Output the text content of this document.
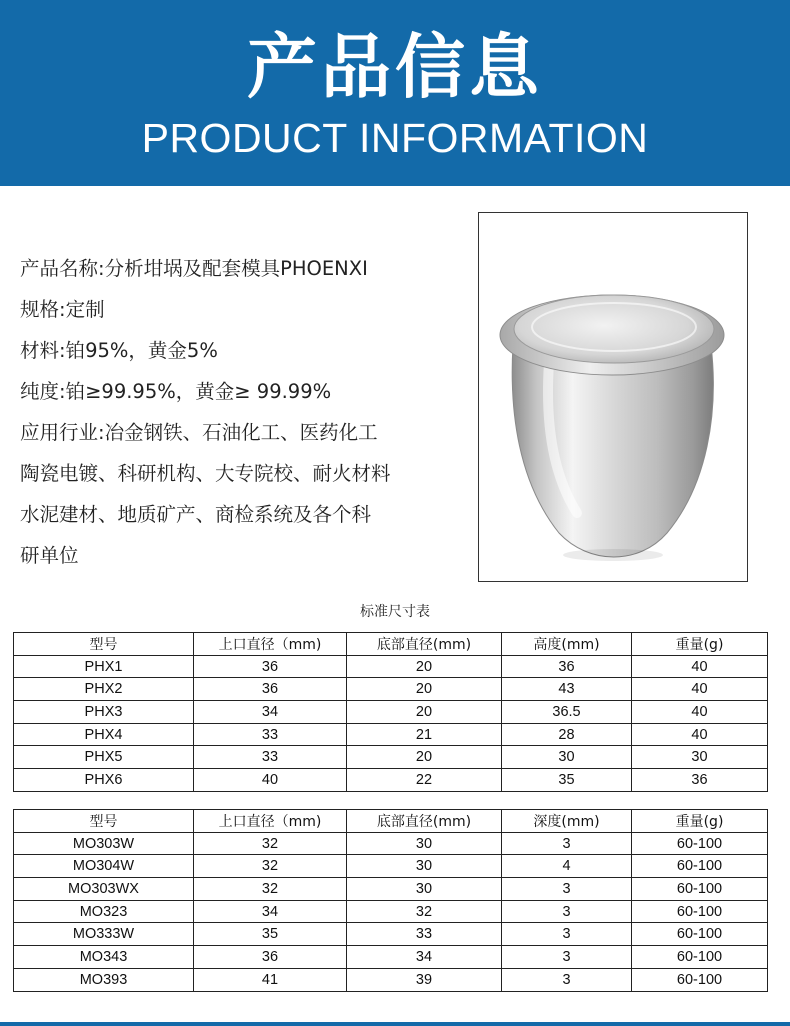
产品信息
PRODUCT INFORMATION
产品名称:分析坩埚及配套模具PHOENXI
规格:定制
材料:铂95%，黄金5%
纯度:铂≥99.95%，黄金≥ 99.99%
应用行业:冶金钢铁、石油化工、医药化工
陶瓷电镀、科研机构、大专院校、耐火材料
水泥建材、地质矿产、商检系统及各个科
研单位
标准尺寸表
型号	上口直径（mm)	底部直径(mm)	高度(mm)	重量(g)
PHX1	36	20	36	40
PHX2	36	20	43	40
PHX3	34	20	36.5	40
PHX4	33	21	28	40
PHX5	33	20	30	30
PHX6	40	22	35	36
型号	上口直径（mm)	底部直径(mm)	深度(mm)	重量(g)
MO303W	32	30	3	60-100
MO304W	32	30	4	60-100
MO303WX	32	30	3	60-100
MO323	34	32	3	60-100
MO333W	35	33	3	60-100
MO343	36	34	3	60-100
MO393	41	39	3	60-100
